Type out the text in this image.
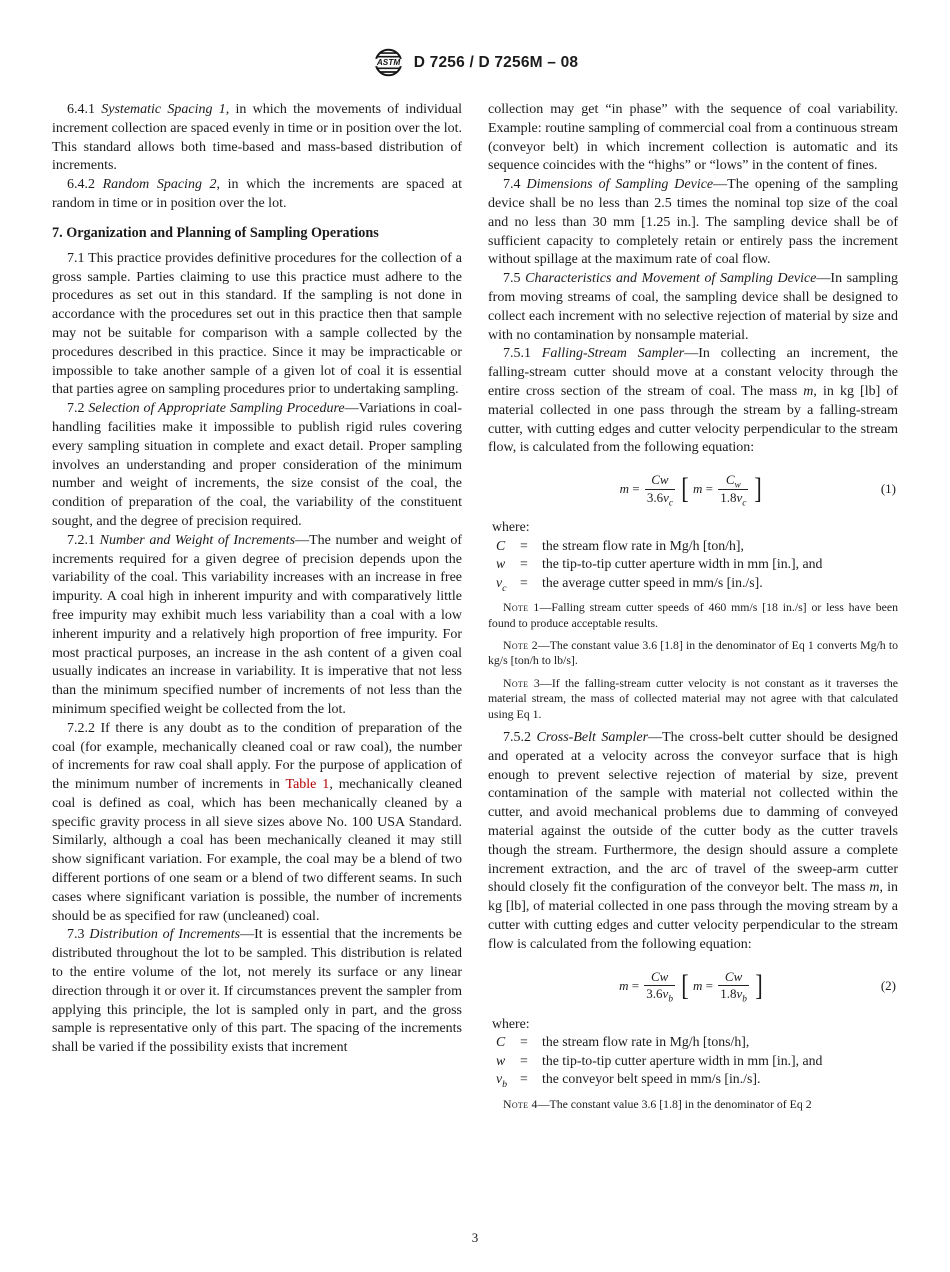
ASTM D 7256 / D 7256M – 08

6.4.1 Systematic Spacing 1, in which the movements of individual increment collection are spaced evenly in time or in position over the lot. This standard allows both time-based and mass-based distribution of increments.

6.4.2 Random Spacing 2, in which the increments are spaced at random in time or in position over the lot.

7. Organization and Planning of Sampling Operations

7.1 This practice provides definitive procedures for the collection of a gross sample. Parties claiming to use this practice must adhere to the procedures as set out in this standard. If the sampling is not done in accordance with the procedures set out in this practice then that sample may not be suitable for comparison with a sample collected by the procedures described in this practice. Since it may be impracticable or impossible to take another sample of a given lot of coal it is essential that parties agree on sampling procedures prior to undertaking sampling.

7.2 Selection of Appropriate Sampling Procedure—Variations in coal-handling facilities make it impossible to publish rigid rules covering every sampling situation in complete and exact detail. Proper sampling involves an understanding and proper consideration of the minimum number and weight of increments, the size consist of the coal, the condition of preparation of the coal, the variability of the constituent sought, and the degree of precision required.

7.2.1 Number and Weight of Increments—The number and weight of increments required for a given degree of precision depends upon the variability of the coal. This variability increases with an increase in free impurity. A coal high in inherent impurity and with comparatively little free impurity may exhibit much less variability than a coal with a low inherent impurity and a relatively high proportion of free impurity. For most practical purposes, an increase in the ash content of a given coal usually indicates an increase in variability. It is imperative that not less than the minimum specified number of increments of not less than the minimum specified weight be collected from the lot.

7.2.2 If there is any doubt as to the condition of preparation of the coal (for example, mechanically cleaned coal or raw coal), the number of increments for raw coal shall apply. For the purpose of application of the minimum number of increments in Table 1, mechanically cleaned coal is defined as coal, which has been mechanically cleaned by a specific gravity process in all sieve sizes above No. 100 USA Standard. Similarly, although a coal has been mechanically cleaned it may still show significant variation. For example, the coal may be a blend of two different portions of one seam or a blend of two different seams. In such cases where significant variation is possible, the number of increments should be as specified for raw (uncleaned) coal.

7.3 Distribution of Increments—It is essential that the increments be distributed throughout the lot to be sampled. This distribution is related to the entire volume of the lot, not merely its surface or any linear direction through it or over it. If circumstances prevent the sampler from applying this principle, the lot is sampled only in part, and the gross sample is representative only of this part. The spacing of the increments shall be varied if the possibility exists that increment

collection may get “in phase” with the sequence of coal variability. Example: routine sampling of commercial coal from a continuous stream (conveyor belt) in which increment collection is automatic and its sequence coincides with the “highs” or “lows” in the content of fines.

7.4 Dimensions of Sampling Device—The opening of the sampling device shall be no less than 2.5 times the nominal top size of the coal and no less than 30 mm [1.25 in.]. The sampling device shall be of sufficient capacity to completely retain or entirely pass the increment without spillage at the maximum rate of coal flow.

7.5 Characteristics and Movement of Sampling Device—In sampling from moving streams of coal, the sampling device shall be designed to collect each increment with no selective rejection of material by size and with no contamination by nonsample material.

7.5.1 Falling-Stream Sampler—In collecting an increment, the falling-stream cutter should move at a constant velocity through the entire cross section of the stream of coal. The mass m, in kg [lb] of material collected in one pass through the stream by a falling-stream cutter, with cutting edges and cutter velocity perpendicular to the stream flow, is calculated from the following equation:

$m = \frac{Cw}{3.6v_c}$ [ $m = \frac{C_w}{1.8v_c}$ ]	(1)
where:
C	=	the stream flow rate in Mg/h [ton/h],
w	=	the tip-to-tip cutter aperture width in mm [in.], and
$v_c$ =	the average cutter speed in mm/s [in./s].

Note 1—Falling stream cutter speeds of 460 mm/s [18 in./s] or less have been found to produce acceptable results.

Note 2—The constant value 3.6 [1.8] in the denominator of Eq 1 converts Mg/h to kg/s [ton/h to lb/s].

Note 3—If the falling-stream cutter velocity is not constant as it traverses the material stream, the mass of collected material may not agree with that calculated using Eq 1.

7.5.2 Cross-Belt Sampler—The cross-belt cutter should be designed and operated at a velocity across the conveyor surface that is high enough to prevent selective rejection of material by size, prevent contamination of the sample with material not collected within the cutter, and avoid mechanical problems due to damming of conveyed material against the outside of the cutter body as the cutter travels though the stream. Furthermore, the design should assure a complete increment extraction, and the arc of travel of the sweep-arm cutter should closely fit the configuration of the conveyor belt. The mass m, in kg [lb], of material collected in one pass through the moving stream by a cutter with cutting edges and cutter velocity perpendicular to the stream flow is calculated from the following equation:

$m = \frac{Cw}{3.6v_b}$ [ $m = \frac{Cw}{1.8v_b}$ ]	(2)
where:
C	=	the stream flow rate in Mg/h [tons/h],
w	=	the tip-to-tip cutter aperture width in mm [in.], and
$v_b$ =	the conveyor belt speed in mm/s [in./s].

Note 4—The constant value 3.6 [1.8] in the denominator of Eq 2

3
